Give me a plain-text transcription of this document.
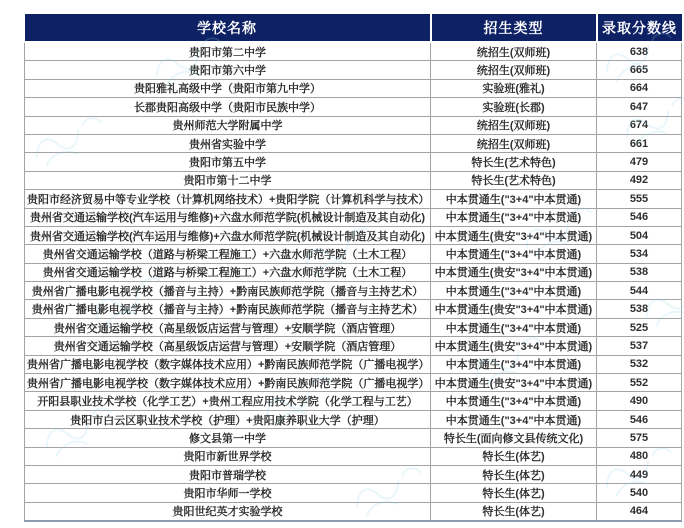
学校名称	招生类型	录取分数线
贵阳市第二中学	统招生(双师班)	638
贵阳市第六中学	统招生(双师班)	665
贵阳雅礼高级中学（贵阳市第九中学）	实验班(雅礼)	664
长郡贵阳高级中学（贵阳市民族中学）	实验班(长郡)	647
贵州师范大学附属中学	统招生(双师班)	674
贵州省实验中学	统招生(双师班)	661
贵阳市第五中学	特长生(艺术特色)	479
贵阳市第十二中学	特长生(艺术特色)	492
贵阳市经济贸易中等专业学校（计算机网络技术）+贵阳学院（计算机科学与技术）	中本贯通生("3+4"中本贯通)	555
贵州省交通运输学校(汽车运用与维修)+六盘水师范学院(机械设计制造及其自动化)	中本贯通生("3+4"中本贯通)	546
贵州省交通运输学校(汽车运用与维修)+六盘水师范学院(机械设计制造及其自动化)	中本贯通生(贵安"3+4"中本贯通)	504
贵州省交通运输学校（道路与桥梁工程施工）+六盘水师范学院（土木工程）	中本贯通生("3+4"中本贯通)	534
贵州省交通运输学校（道路与桥梁工程施工）+六盘水师范学院（土木工程）	中本贯通生(贵安"3+4"中本贯通)	538
贵州省广播电影电视学校（播音与主持）+黔南民族师范学院（播音与主持艺术）	中本贯通生("3+4"中本贯通)	544
贵州省广播电影电视学校（播音与主持）+黔南民族师范学院（播音与主持艺术）	中本贯通生(贵安"3+4"中本贯通)	538
贵州省交通运输学校（高星级饭店运营与管理）+安顺学院（酒店管理）	中本贯通生("3+4"中本贯通)	525
贵州省交通运输学校（高星级饭店运营与管理）+安顺学院（酒店管理）	中本贯通生(贵安"3+4"中本贯通)	537
贵州省广播电影电视学校（数字媒体技术应用）+黔南民族师范学院（广播电视学）	中本贯通生("3+4"中本贯通)	532
贵州省广播电影电视学校（数字媒体技术应用）+黔南民族师范学院（广播电视学）	中本贯通生(贵安"3+4"中本贯通)	552
开阳县职业技术学校（化学工艺）+贵州工程应用技术学院（化学工程与工艺）	中本贯通生("3+4"中本贯通)	490
贵阳市白云区职业技术学校（护理）+贵阳康养职业大学（护理）	中本贯通生("3+4"中本贯通)	546
修文县第一中学	特长生(面向修文县传统文化)	575
贵阳市新世界学校	特长生(体艺)	480
贵阳市普瑞学校	特长生(体艺)	449
贵阳市华师一学校	特长生(体艺)	540
贵阳世纪英才实验学校	特长生(体艺)	464
